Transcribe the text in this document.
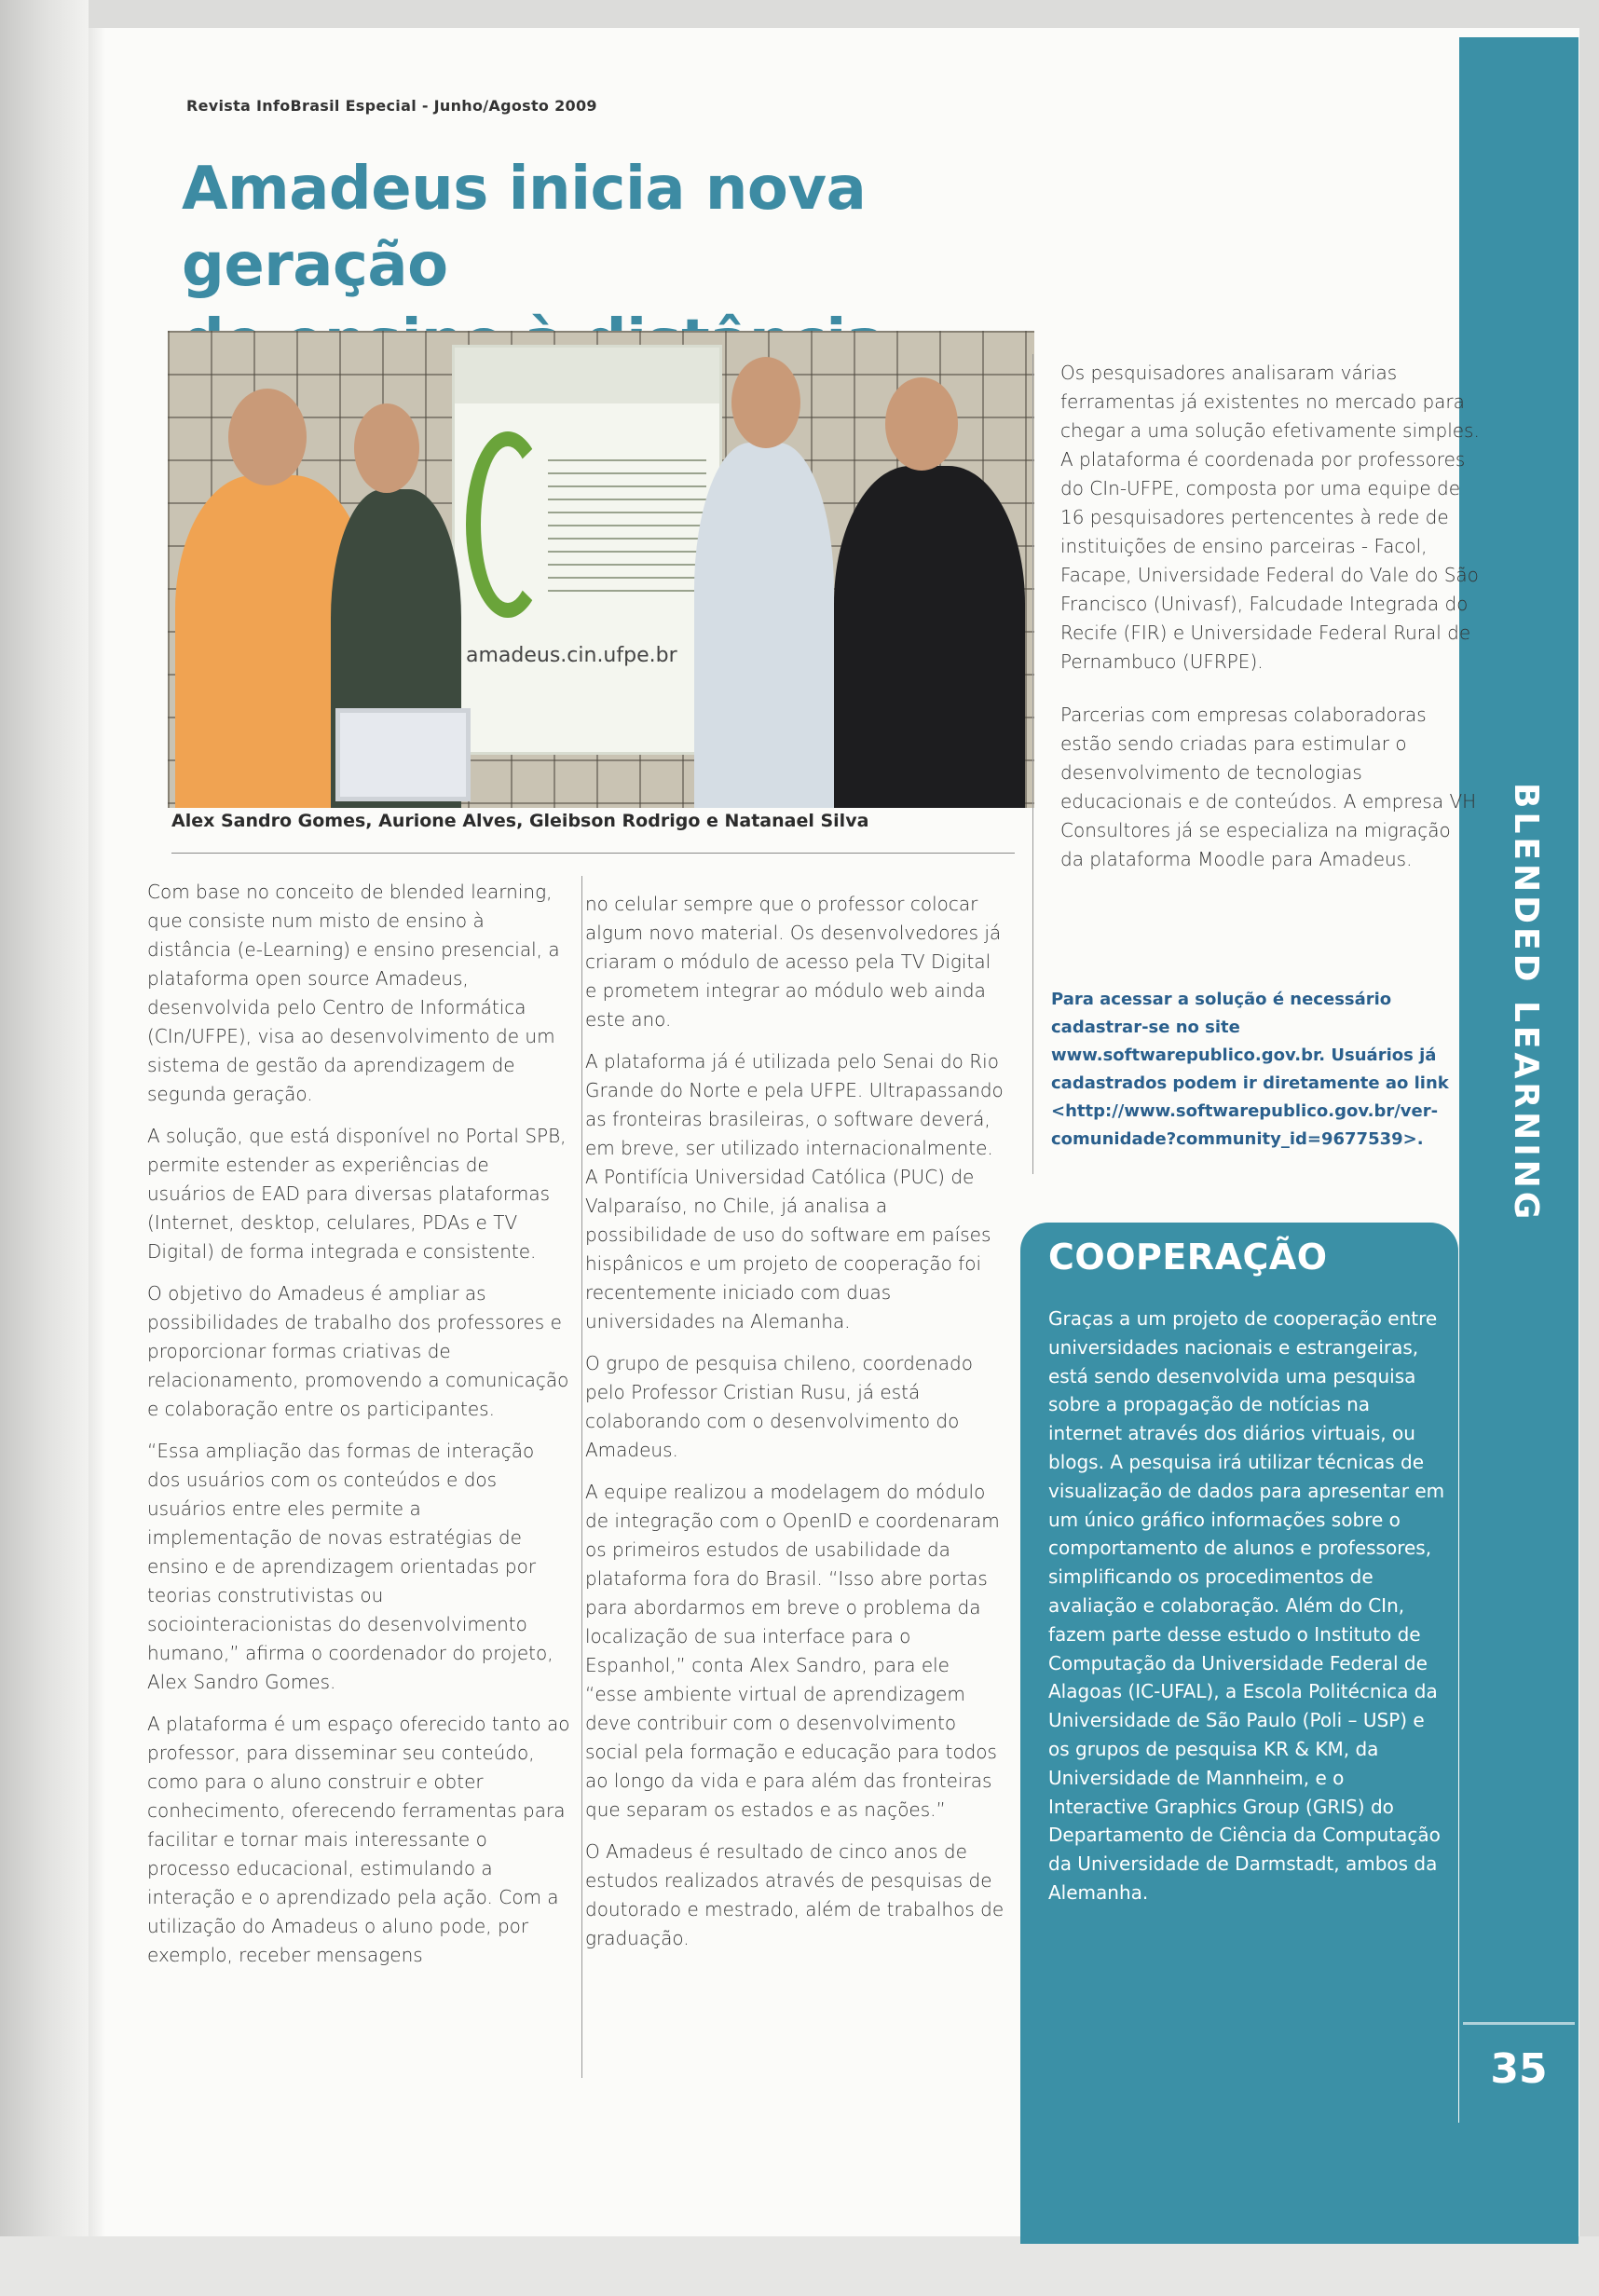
Revista InfoBrasil Especial - Junho/Agosto 2009
Amadeus inicia nova geração
amadeus.cin.ufpe.br
Alex Sandro Gomes, Aurione Alves, Gleibson Rodrigo e Natanael Silva

Com base no conceito de blended learning, que consiste num misto de ensino à distância (e-Learning) e ensino presencial, a plataforma open source Amadeus, desenvolvida pelo Centro de Informática (CIn/UFPE), visa ao desenvolvimento de um sistema de gestão da aprendizagem de segunda geração.

A solução, que está disponível no Portal SPB, permite estender as experiências de usuários de EAD para diversas plataformas (Internet, desktop, celulares, PDAs e TV Digital) de forma integrada e consistente.

O objetivo do Amadeus é ampliar as possibilidades de trabalho dos professores e proporcionar formas criativas de relacionamento, promovendo a comunicação e colaboração entre os participantes.

“Essa ampliação das formas de interação dos usuários com os conteúdos e dos usuários entre eles permite a implementação de novas estratégias de ensino e de aprendizagem orientadas por teorias construtivistas ou sociointeracionistas do desenvolvimento humano,” afirma o coordenador do projeto, Alex Sandro Gomes.

A plataforma é um espaço oferecido tanto ao professor, para disseminar seu conteúdo, como para o aluno construir e obter conhecimento, oferecendo ferramentas para facilitar e tornar mais interessante o processo educacional, estimulando a interação e o aprendizado pela ação. Com a utilização do Amadeus o aluno pode, por exemplo, receber mensagens

no celular sempre que o professor colocar algum novo material. Os desenvolvedores já criaram o módulo de acesso pela TV Digital e prometem integrar ao módulo web ainda este ano.

A plataforma já é utilizada pelo Senai do Rio Grande do Norte e pela UFPE. Ultrapassando as fronteiras brasileiras, o software deverá, em breve, ser utilizado internacionalmente. A Pontifícia Universidad Católica (PUC) de Valparaíso, no Chile, já analisa a possibilidade de uso do software em países hispânicos e um projeto de cooperação foi recentemente iniciado com duas universidades na Alemanha.

O grupo de pesquisa chileno, coordenado pelo Professor Cristian Rusu, já está colaborando com o desenvolvimento do Amadeus.

A equipe realizou a modelagem do módulo de integração com o OpenID e coordenaram os primeiros estudos de usabilidade da plataforma fora do Brasil. “Isso abre portas para abordarmos em breve o problema da localização de sua interface para o Espanhol,” conta Alex Sandro, para ele “esse ambiente virtual de aprendizagem deve contribuir com o desenvolvimento social pela formação e educação para todos ao longo da vida e para além das fronteiras que separam os estados e as nações.”

O Amadeus é resultado de cinco anos de estudos realizados através de pesquisas de doutorado e mestrado, além de trabalhos de graduação.

Os pesquisadores analisaram várias ferramentas já existentes no mercado para chegar a uma solução efetivamente simples. A plataforma é coordenada por professores do CIn-UFPE, composta por uma equipe de 16 pesquisadores pertencentes à rede de instituições de ensino parceiras - Facol, Facape, Universidade Federal do Vale do São Francisco (Univasf), Falcudade Integrada do Recife (FIR) e Universidade Federal Rural de Pernambuco (UFRPE).

Parcerias com empresas colaboradoras estão sendo criadas para estimular o desenvolvimento de tecnologias educacionais e de conteúdos. A empresa VH Consultores já se especializa na migração da plataforma Moodle para Amadeus.

Para acessar a solução é necessário cadastrar-se no site www.softwarepublico.gov.br. Usuários já cadastrados podem ir diretamente ao link <http://www.softwarepublico.gov.br/ver-comunidade?community_id=9677539>.
COOPERAÇÃO
Graças a um projeto de cooperação entre universidades nacionais e estrangeiras, está sendo desenvolvida uma pesquisa sobre a propagação de notícias na internet através dos diários virtuais, ou blogs. A pesquisa irá utilizar técnicas de visualização de dados para apresentar em um único gráfico informações sobre o comportamento de alunos e professores, simplificando os procedimentos de avaliação e colaboração. Além do CIn, fazem parte desse estudo o Instituto de Computação da Universidade Federal de Alagoas (IC-UFAL), a Escola Politécnica da Universidade de São Paulo (Poli – USP) e os grupos de pesquisa KR & KM, da Universidade de Mannheim, e o Interactive Graphics Group (GRIS) do Departamento de Ciência da Computação da Universidade de Darmstadt, ambos da Alemanha.
BLENDED LEARNING
35
